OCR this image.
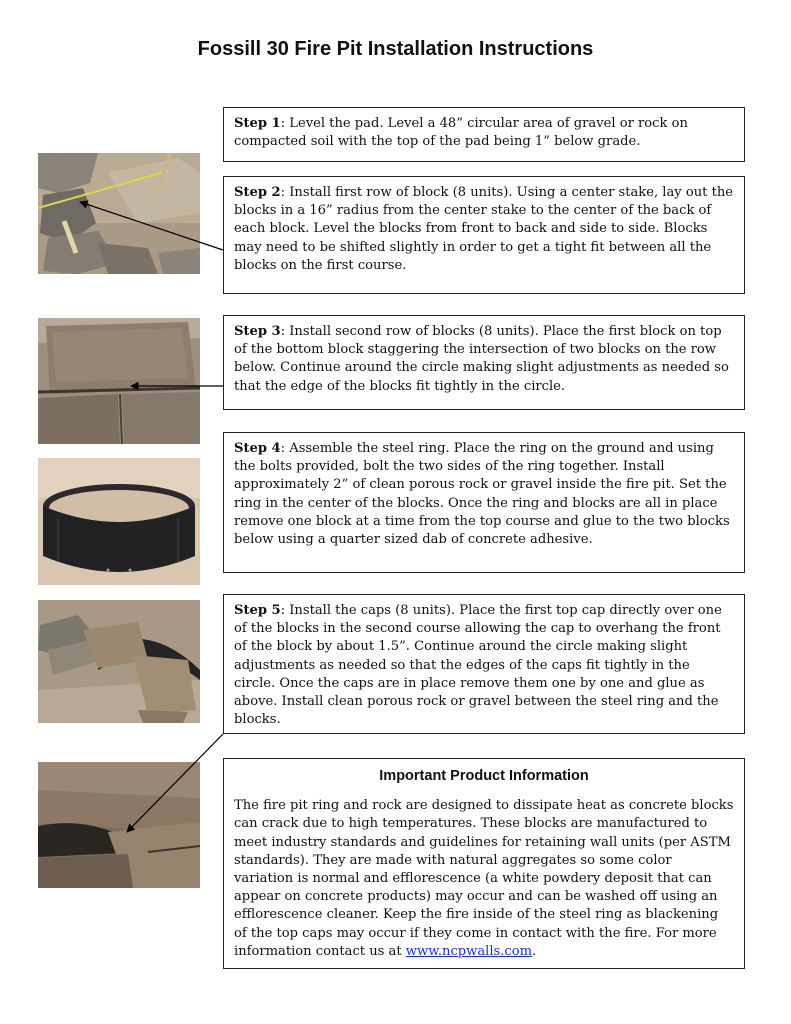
Fossill 30 Fire Pit Installation Instructions
Step 1: Level the pad. Level a 48” circular area of gravel or rock on compacted soil with the top of the pad being 1” below grade.
Step 2: Install first row of block (8 units). Using a center stake, lay out the blocks in a 16” radius from the center stake to the center of the back of each block. Level the blocks from front to back and side to side. Blocks may need to be shifted slightly in order to get a tight fit between all the blocks on the first course.
Step 3: Install second row of blocks (8 units). Place the first block on top of the bottom block staggering the intersection of two blocks on the row below. Continue around the circle making slight adjustments as needed so that the edge of the blocks fit tightly in the circle.
Step 4: Assemble the steel ring. Place the ring on the ground and using the bolts provided, bolt the two sides of the ring together. Install approximately 2” of clean porous rock or gravel inside the fire pit. Set the ring in the center of the blocks. Once the ring and blocks are all in place remove one block at a time from the top course and glue to the two blocks below using a quarter sized dab of concrete adhesive.
Step 5: Install the caps (8 units). Place the first top cap directly over one of the blocks in the second course allowing the cap to overhang the front of the block by about 1.5”. Continue around the circle making slight adjustments as needed so that the edges of the caps fit tightly in the circle. Once the caps are in place remove them one by one and glue as above. Install clean porous rock or gravel between the steel ring and the blocks.
Important Product Information
The fire pit ring and rock are designed to dissipate heat as concrete blocks can crack due to high temperatures. These blocks are manufactured to meet industry standards and guidelines for retaining wall units (per ASTM standards). They are made with natural aggregates so some color variation is normal and efflorescence (a white powdery deposit that can appear on concrete products) may occur and can be washed off using an efflorescence cleaner. Keep the fire inside of the steel ring as blackening of the top caps may occur if they come in contact with the fire. For more information contact us at www.ncpwalls.com.
